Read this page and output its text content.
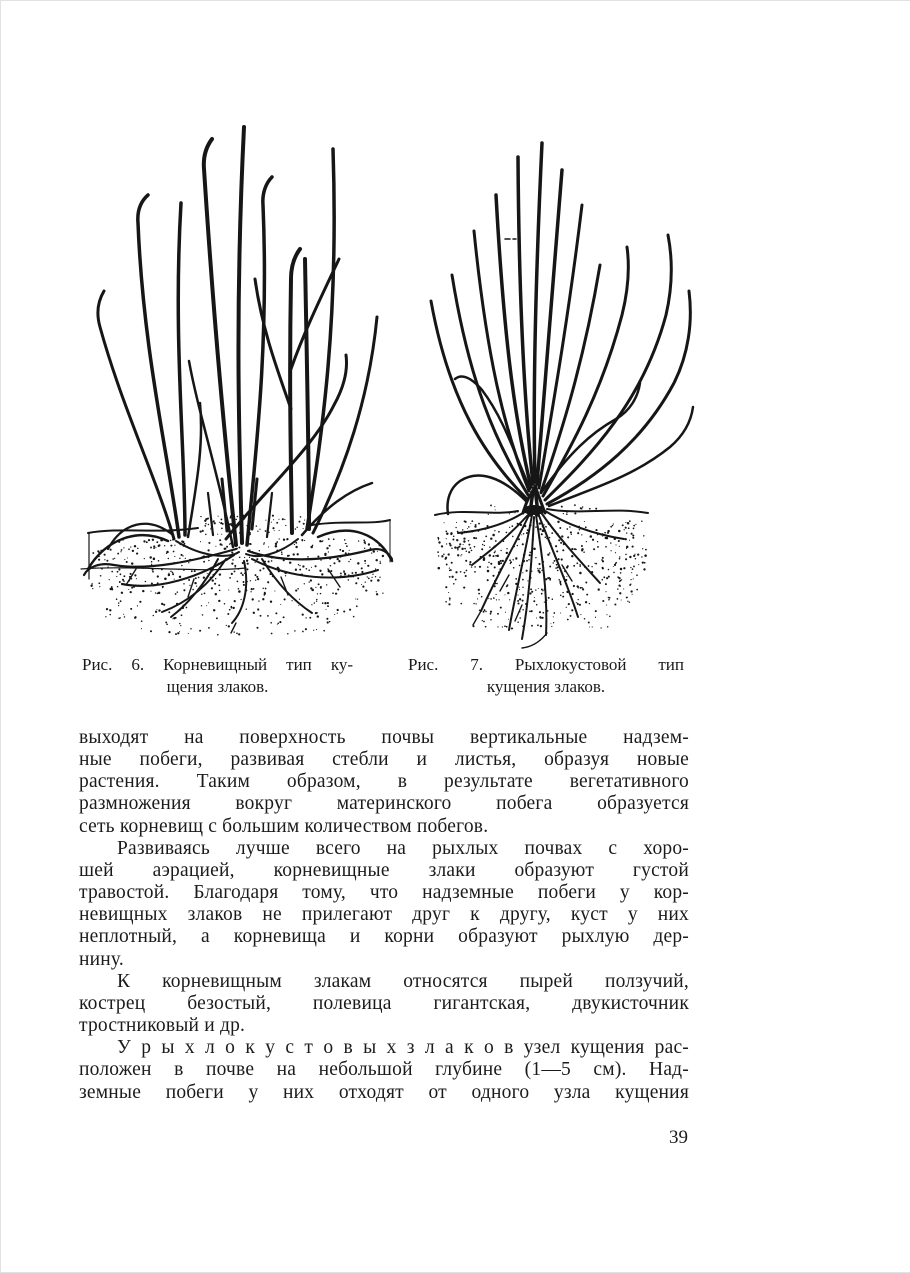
Рис. 6. Корневищный тип ку-
щения злаков.
Рис. 7. Рыхлокустовой тип
кущения злаков.
выходят на поверхность почвы вертикальные надзем-
ные побеги, развивая стебли и листья, образуя новые
растения. Таким образом, в результате вегетативного
размножения вокруг материнского побега образуется
сеть корневищ с большим количеством побегов.
Развиваясь лучше всего на рыхлых почвах с хоро-
шей аэрацией, корневищные злаки образуют густой
травостой. Благодаря тому, что надземные побеги у кор-
невищных злаков не прилегают друг к другу, куст у них
неплотный, а корневища и корни образуют рыхлую дер-
нину.
К корневищным злакам относятся пырей ползучий,
кострец безостый, полевица гигантская, двукисточник
тростниковый и др.
У р ы х л о к у с т о в ы х з л а к о в узел кущения рас-
положен в почве на небольшой глубине (1—5 см). Над-
земные побеги у них отходят от одного узла кущения
39
